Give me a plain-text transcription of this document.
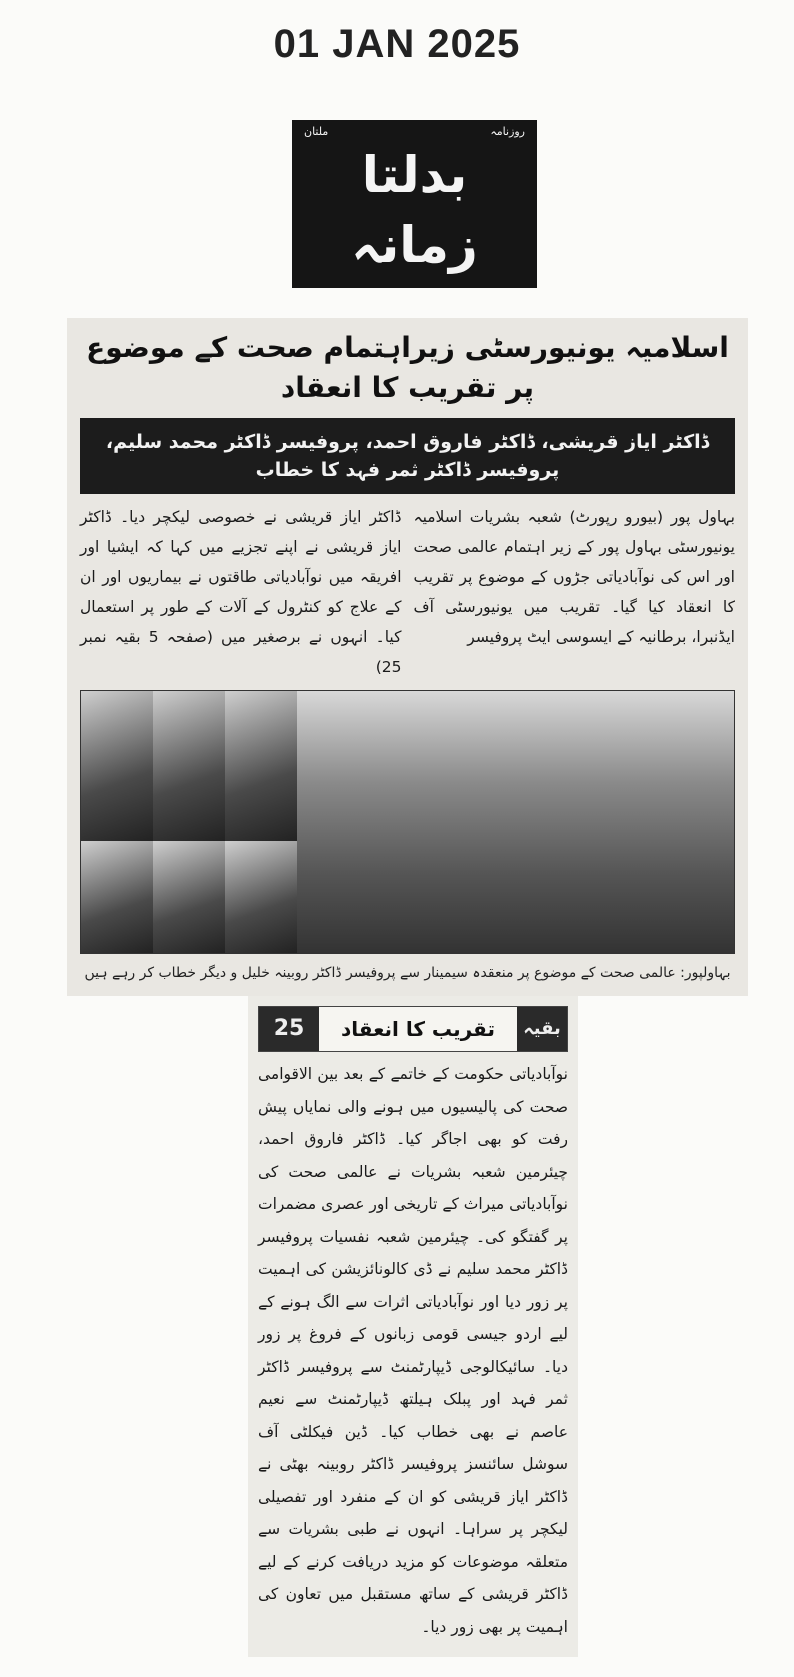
01 JAN 2025
روزنامہ
ملتان
بدلتا زمانہ
اسلامیہ یونیورسٹی زیراہتمام صحت کے موضوع پر تقریب کا انعقاد
ڈاکٹر ایاز قریشی، ڈاکٹر فاروق احمد، پروفیسر ڈاکٹر محمد سلیم، پروفیسر ڈاکٹر ثمر فہد کا خطاب
بہاول پور (بیورو رپورٹ) شعبہ بشریات اسلامیہ یونیورسٹی بہاول پور کے زیر اہتمام عالمی صحت اور اس کی نوآبادیاتی جڑوں کے موضوع پر تقریب کا انعقاد کیا گیا۔ تقریب میں یونیورسٹی آف ایڈنبرا، برطانیہ کے ایسوسی ایٹ پروفیسر
ڈاکٹر ایاز قریشی نے خصوصی لیکچر دیا۔ ڈاکٹر ایاز قریشی نے اپنے تجزیے میں کہا کہ ایشیا اور افریقہ میں نوآبادیاتی طاقتوں نے بیماریوں اور ان کے علاج کو کنٹرول کے آلات کے طور پر استعمال کیا۔ انہوں نے برصغیر میں (صفحہ 5 بقیہ نمبر 25)
بہاولپور: عالمی صحت کے موضوع پر منعقدہ سیمینار سے پروفیسر ڈاکٹر روبینہ خلیل و دیگر خطاب کر رہے ہیں
25	تقریب کا انعقاد	بقیہ
نوآبادیاتی حکومت کے خاتمے کے بعد بین الاقوامی صحت کی پالیسیوں میں ہونے والی نمایاں پیش رفت کو بھی اجاگر کیا۔ ڈاکٹر فاروق احمد، چیئرمین شعبہ بشریات نے عالمی صحت کی نوآبادیاتی میراث کے تاریخی اور عصری مضمرات پر گفتگو کی۔ چیئرمین شعبہ نفسیات پروفیسر ڈاکٹر محمد سلیم نے ڈی کالونائزیشن کی اہمیت پر زور دیا اور نوآبادیاتی اثرات سے الگ ہونے کے لیے اردو جیسی قومی زبانوں کے فروغ پر زور دیا۔ سائیکالوجی ڈیپارٹمنٹ سے پروفیسر ڈاکٹر ثمر فہد اور پبلک ہیلتھ ڈیپارٹمنٹ سے نعیم عاصم نے بھی خطاب کیا۔ ڈین فیکلٹی آف سوشل سائنسز پروفیسر ڈاکٹر روبینہ بھٹی نے ڈاکٹر ایاز قریشی کو ان کے منفرد اور تفصیلی لیکچر پر سراہا۔ انہوں نے طبی بشریات سے متعلقہ موضوعات کو مزید دریافت کرنے کے لیے ڈاکٹر قریشی کے ساتھ مستقبل میں تعاون کی اہمیت پر بھی زور دیا۔
